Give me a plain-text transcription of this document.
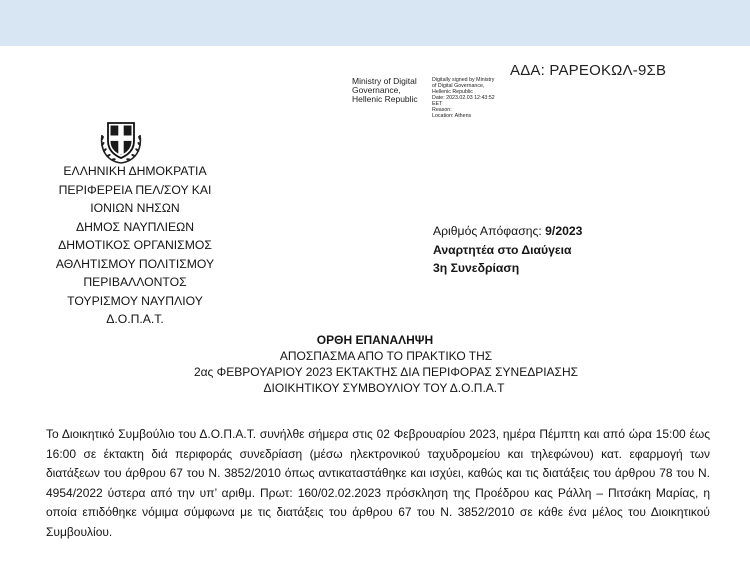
ΑΔΑ: ΡΑΡΕΟΚΩΛ-9ΣΒ
Ministry of Digital
Governance,
Hellenic Republic
Digitally signed by Ministry
of Digital Governance,
Hellenic Republic
Date: 2023.02.03 12:43:52
EET
Reason:
Location: Athens
ΕΛΛΗΝΙΚΗ ΔΗΜΟΚΡΑΤΙΑ
ΠΕΡΙΦΕΡΕΙΑ ΠΕΛ/ΣΟΥ ΚΑΙ
ΙΟΝΙΩΝ ΝΗΣΩΝ
ΔΗΜΟΣ ΝΑΥΠΛΙΕΩΝ
ΔΗΜΟΤΙΚΟΣ ΟΡΓΑΝΙΣΜΟΣ
ΑΘΛΗΤΙΣΜΟΥ ΠΟΛΙΤΙΣΜΟΥ
ΠΕΡΙΒΑΛΛΟΝΤΟΣ
ΤΟΥΡΙΣΜΟΥ ΝΑΥΠΛΙΟΥ
Δ.Ο.Π.Α.Τ.
Αριθμός Απόφασης: 9/2023
Αναρτητέα στο Διαύγεια
3η Συνεδρίαση
ΟΡΘΗ ΕΠΑΝΑΛΗΨΗ
ΑΠΟΣΠΑΣΜΑ ΑΠΟ ΤΟ ΠΡΑΚΤΙΚΟ ΤΗΣ
2ας ΦΕΒΡΟΥΑΡΙΟΥ 2023 ΕΚΤΑΚΤΗΣ ΔΙΑ ΠΕΡΙΦΟΡΑΣ ΣΥΝΕΔΡΙΑΣΗΣ
ΔΙΟΙΚΗΤΙΚΟΥ ΣΥΜΒΟΥΛΙΟΥ ΤΟΥ Δ.Ο.Π.Α.Τ

Το Διοικητικό Συμβούλιο του Δ.Ο.Π.Α.Τ. συνήλθε σήμερα στις 02 Φεβρουαρίου 2023, ημέρα Πέμπτη και από ώρα 15:00 έως 16:00 σε έκτακτη διά περιφοράς συνεδρίαση (μέσω ηλεκτρονικού ταχυδρομείου και τηλεφώνου) κατ. εφαρμογή των διατάξεων του άρθρου 67 του Ν. 3852/2010 όπως αντικαταστάθηκε και ισχύει, καθώς και τις διατάξεις του άρθρου 78 του Ν. 4954/2022 ύστερα από την υπ’ αριθμ. Πρωτ: 160/02.02.2023 πρόσκληση της Προέδρου κας Ράλλη – Πιτσάκη Μαρίας, η οποία επιδόθηκε νόμιμα σύμφωνα με τις διατάξεις του άρθρου 67 του Ν. 3852/2010 σε κάθε ένα μέλος του Διοικητικού Συμβουλίου.
